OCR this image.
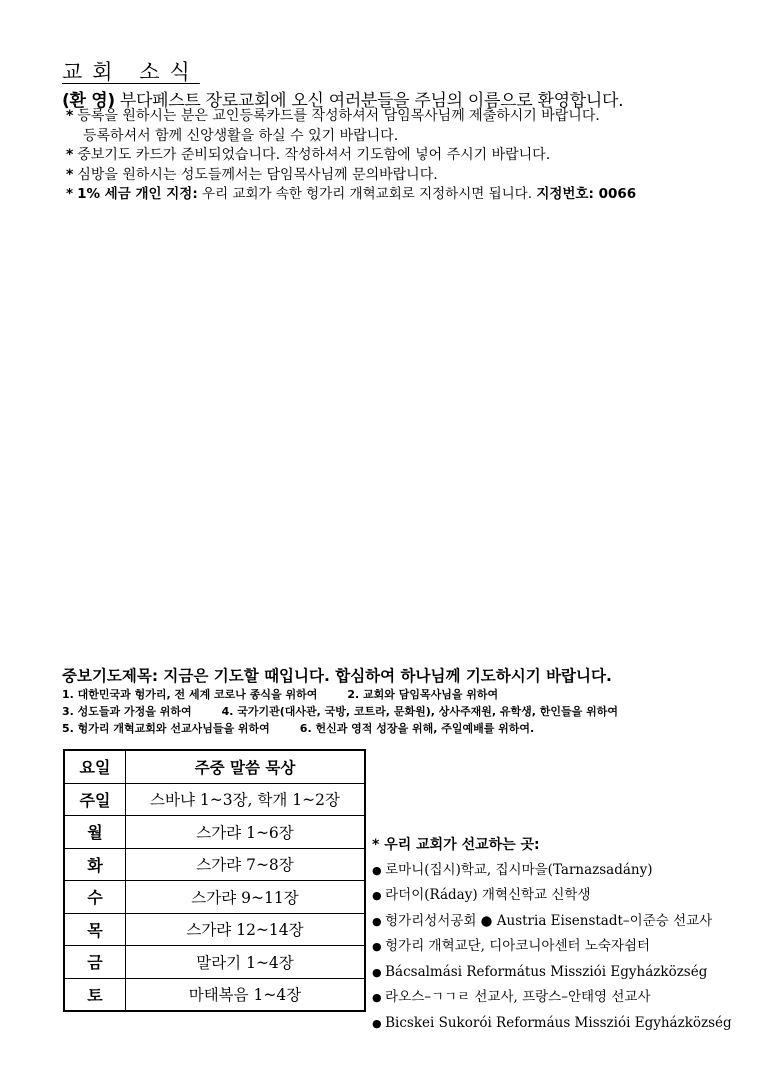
교회 소식
(환 영) 부다페스트 장로교회에 오신 여러분들을 주님의 이름으로 환영합니다.
* 등록을 원하시는 분은 교인등록카드를 작성하셔서 담임목사님께 제출하시기 바랍니다.
등록하셔서 함께 신앙생활을 하실 수 있기 바랍니다.
* 중보기도 카드가 준비되었습니다. 작성하셔서 기도함에 넣어 주시기 바랍니다.
* 심방을 원하시는 성도들께서는 담임목사님께 문의바랍니다.
* 1% 세금 개인 지정: 우리 교회가 속한 헝가리 개혁교회로 지정하시면 됩니다. 지정번호: 0066
중보기도제목: 지금은 기도할 때입니다. 합심하여 하나님께 기도하시기 바랍니다.
1. 대한민국과 헝가리, 전 세계 코로나 종식을 위하여	2. 교회와 담임목사님을 위하여
3. 성도들과 가정을 위하여	4. 국가기관(대사관, 국방, 코트라, 문화원), 상사주재원, 유학생, 한인들을 위하여
5. 헝가리 개혁교회와 선교사님들을 위하여	6. 헌신과 영적 성장을 위해, 주일예배를 위하여.
요일	주중 말씀 묵상
주일	스바냐 1~3장, 학개 1~2장
월	스가랴 1~6장
화	스가랴 7~8장
수	스가랴 9~11장
목	스가랴 12~14장
금	말라기 1~4장
토	마태복음 1~4장
* 우리 교회가 선교하는 곳:
● 로마니(집시)학교, 집시마을(Tarnazsadány)
● 라더이(Ráday) 개혁신학교 신학생
● 헝가리성서공회 ● Austria Eisenstadt–이준승 선교사
● 헝가리 개혁교단, 디아코니아센터 노숙자쉼터
● Bácsalmási Református Missziói Egyházközség
● 라오스–ㄱㄱㄹ 선교사, 프랑스–안태영 선교사
● Bicskei Sukorói Reformáus Missziói Egyházközség
